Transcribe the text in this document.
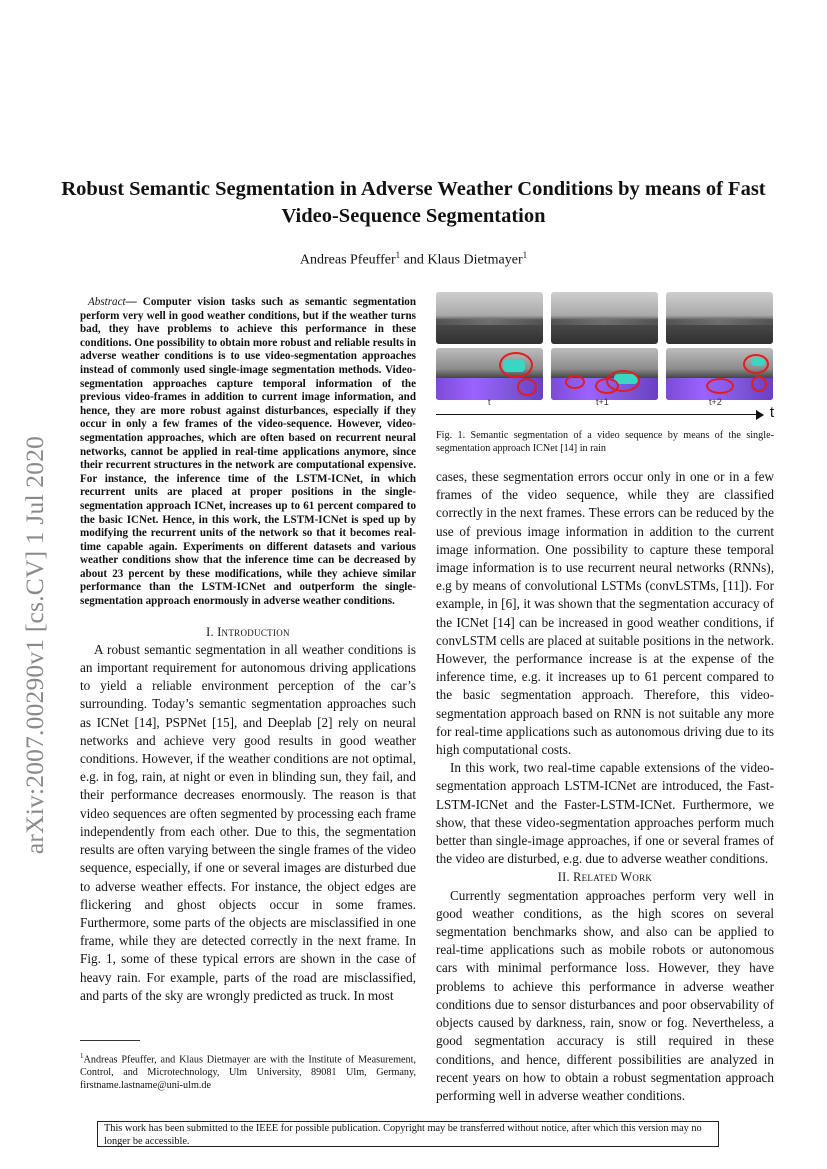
arXiv:2007.00290v1 [cs.CV] 1 Jul 2020
Robust Semantic Segmentation in Adverse Weather Conditions by means of Fast Video-Sequence Segmentation
Andreas Pfeuffer$^1$ and Klaus Dietmayer$^1$

Abstract— Computer vision tasks such as semantic segmentation perform very well in good weather conditions, but if the weather turns bad, they have problems to achieve this performance in these conditions. One possibility to obtain more robust and reliable results in adverse weather conditions is to use video-segmentation approaches instead of commonly used single-image segmentation methods. Video-segmentation approaches capture temporal information of the previous video-frames in addition to current image information, and hence, they are more robust against disturbances, especially if they occur in only a few frames of the video-sequence. However, video-segmentation approaches, which are often based on recurrent neural networks, cannot be applied in real-time applications anymore, since their recurrent structures in the network are computational expensive. For instance, the inference time of the LSTM-ICNet, in which recurrent units are placed at proper positions in the single-segmentation approach ICNet, increases up to 61 percent compared to the basic ICNet. Hence, in this work, the LSTM-ICNet is sped up by modifying the recurrent units of the network so that it becomes real-time capable again. Experiments on different datasets and various weather conditions show that the inference time can be decreased by about 23 percent by these modifications, while they achieve similar performance than the LSTM-ICNet and outperform the single-segmentation approach enormously in adverse weather conditions.

I. Introduction

A robust semantic segmentation in all weather conditions is an important requirement for autonomous driving applications to yield a reliable environment perception of the car’s surrounding. Today’s semantic segmentation approaches such as ICNet [14], PSPNet [15], and Deeplab [2] rely on neural networks and achieve very good results in good weather conditions. However, if the weather conditions are not optimal, e.g. in fog, rain, at night or even in blinding sun, they fail, and their performance decreases enormously. The reason is that video sequences are often segmented by processing each frame independently from each other. Due to this, the segmentation results are often varying between the single frames of the video sequence, especially, if one or several images are disturbed due to adverse weather effects. For instance, the object edges are flickering and ghost objects occur in some frames. Furthermore, some parts of the objects are misclassified in one frame, while they are detected correctly in the next frame. In Fig. 1, some of these typical errors are shown in the case of heavy rain. For example, parts of the road are misclassified, and parts of the sky are wrongly predicted as truck. In most

t	t+1	t+2
t
Fig. 1. Semantic segmentation of a video sequence by means of the single-segmentation approach ICNet [14] in rain

cases, these segmentation errors occur only in one or in a few frames of the video sequence, while they are classified correctly in the next frames. These errors can be reduced by the use of previous image information in addition to the current image information. One possibility to capture these temporal image information is to use recurrent neural networks (RNNs), e.g by means of convolutional LSTMs (convLSTMs, [11]). For example, in [6], it was shown that the segmentation accuracy of the ICNet [14] can be increased in good weather conditions, if convLSTM cells are placed at suitable positions in the network. However, the performance increase is at the expense of the inference time, e.g. it increases up to 61 percent compared to the basic segmentation approach. Therefore, this video-segmentation approach based on RNN is not suitable any more for real-time applications such as autonomous driving due to its high computational costs.

In this work, two real-time capable extensions of the video-segmentation approach LSTM-ICNet are introduced, the Fast-LSTM-ICNet and the Faster-LSTM-ICNet. Furthermore, we show, that these video-segmentation approaches perform much better than single-image approaches, if one or several frames of the video are disturbed, e.g. due to adverse weather conditions.

II. Related Work

Currently segmentation approaches perform very well in good weather conditions, as the high scores on several segmentation benchmarks show, and also can be applied to real-time applications such as mobile robots or autonomous cars with minimal performance loss. However, they have problems to achieve this performance in adverse weather conditions due to sensor disturbances and poor observability of objects caused by darkness, rain, snow or fog. Nevertheless, a good segmentation accuracy is still required in these conditions, and hence, different possibilities are analyzed in recent years on how to obtain a robust segmentation approach performing well in adverse weather conditions.

$^1$Andreas Pfeuffer, and Klaus Dietmayer are with the Institute of Measurement, Control, and Microtechnology, Ulm University, 89081 Ulm, Germany, firstname.lastname@uni-ulm.de
This work has been submitted to the IEEE for possible publication. Copyright may be transferred without notice, after which this version may no longer be accessible.
